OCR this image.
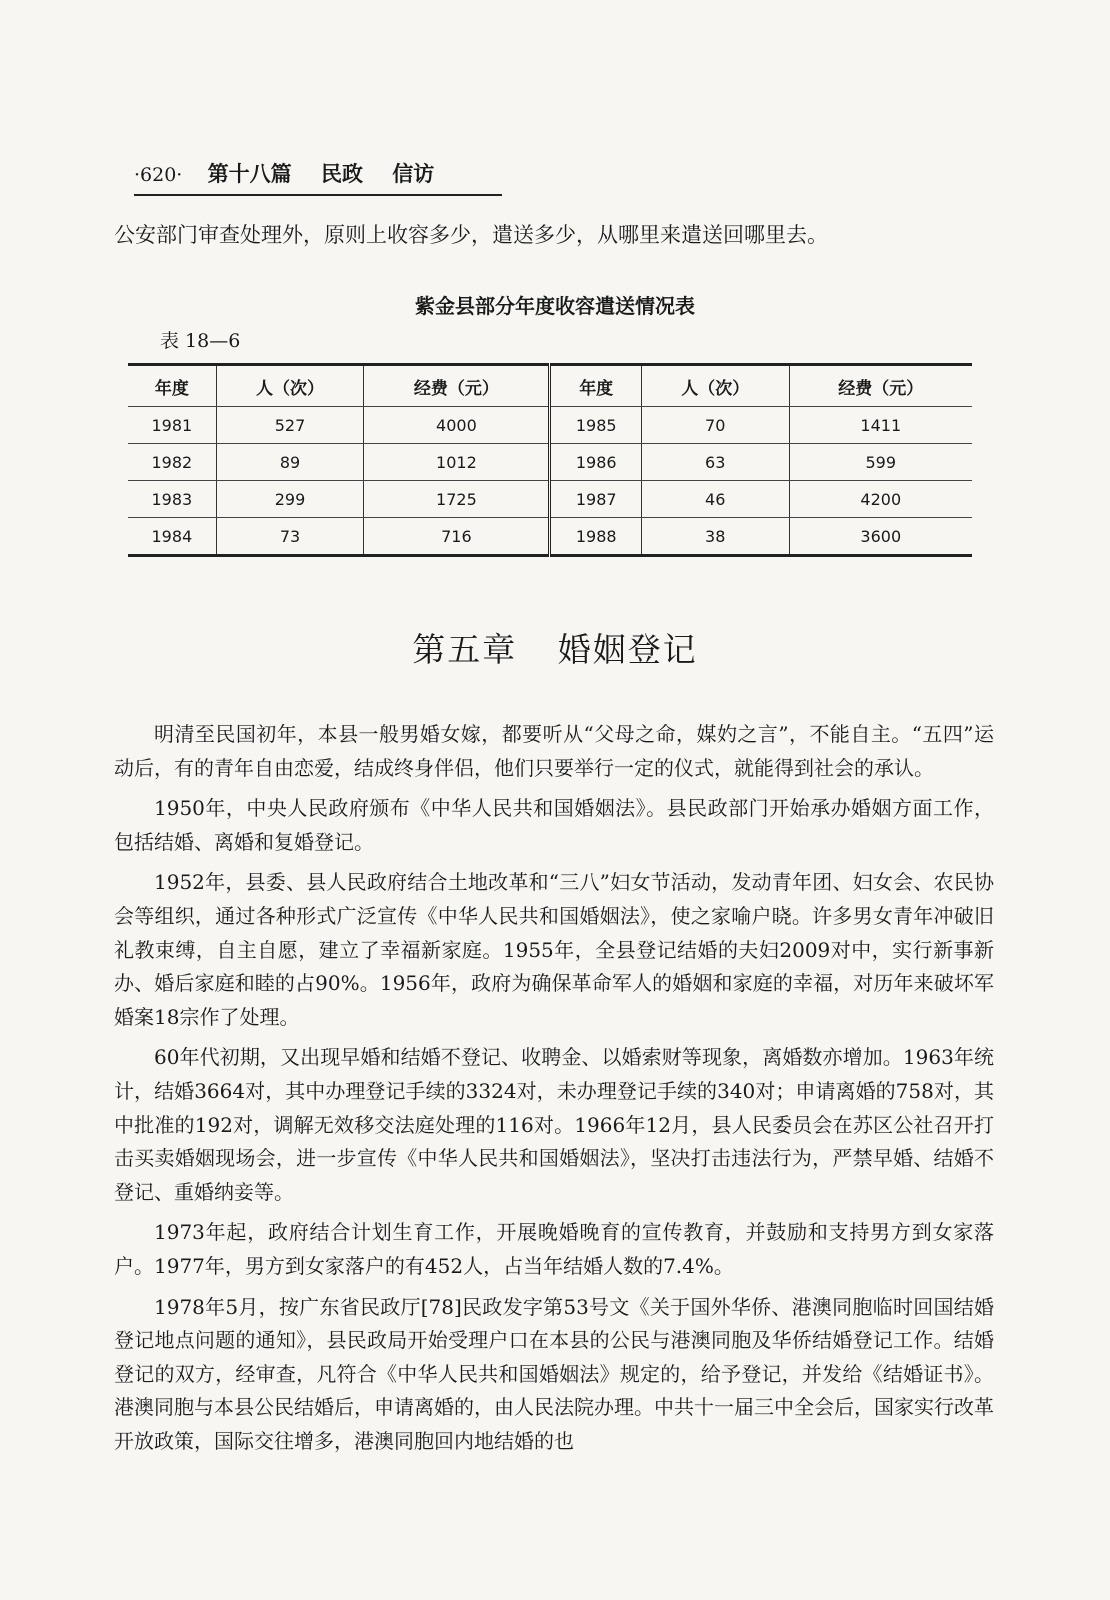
·620· 第十八篇 民政 信访
公安部门审查处理外，原则上收容多少，遣送多少，从哪里来遣送回哪里去。
紫金县部分年度收容遣送情况表
表 18—6
年度	人（次）	经费（元）	年度	人（次）	经费（元）
1981	527	4000	1985	70	1411
1982	89	1012	1986	63	599
1983	299	1725	1987	46	4200
1984	73	716	1988	38	3600
第五章 婚姻登记

明清至民国初年，本县一般男婚女嫁，都要听从“父母之命，媒妁之言”，不能自主。“五四”运动后，有的青年自由恋爱，结成终身伴侣，他们只要举行一定的仪式，就能得到社会的承认。

1950年，中央人民政府颁布《中华人民共和国婚姻法》。县民政部门开始承办婚姻方面工作，包括结婚、离婚和复婚登记。

1952年，县委、县人民政府结合土地改革和“三八”妇女节活动，发动青年团、妇女会、农民协会等组织，通过各种形式广泛宣传《中华人民共和国婚姻法》，使之家喻户晓。许多男女青年冲破旧礼教束缚，自主自愿，建立了幸福新家庭。1955年，全县登记结婚的夫妇2009对中，实行新事新办、婚后家庭和睦的占90%。1956年，政府为确保革命军人的婚姻和家庭的幸福，对历年来破坏军婚案18宗作了处理。

60年代初期，又出现早婚和结婚不登记、收聘金、以婚索财等现象，离婚数亦增加。1963年统计，结婚3664对，其中办理登记手续的3324对，未办理登记手续的340对；申请离婚的758对，其中批准的192对，调解无效移交法庭处理的116对。1966年12月，县人民委员会在苏区公社召开打击买卖婚姻现场会，进一步宣传《中华人民共和国婚姻法》，坚决打击违法行为，严禁早婚、结婚不登记、重婚纳妾等。

1973年起，政府结合计划生育工作，开展晚婚晚育的宣传教育，并鼓励和支持男方到女家落户。1977年，男方到女家落户的有452人，占当年结婚人数的7.4%。

1978年5月，按广东省民政厅[78]民政发字第53号文《关于国外华侨、港澳同胞临时回国结婚登记地点问题的通知》，县民政局开始受理户口在本县的公民与港澳同胞及华侨结婚登记工作。结婚登记的双方，经审查，凡符合《中华人民共和国婚姻法》规定的，给予登记，并发给《结婚证书》。港澳同胞与本县公民结婚后，申请离婚的，由人民法院办理。中共十一届三中全会后，国家实行改革开放政策，国际交往增多，港澳同胞回内地结婚的也
